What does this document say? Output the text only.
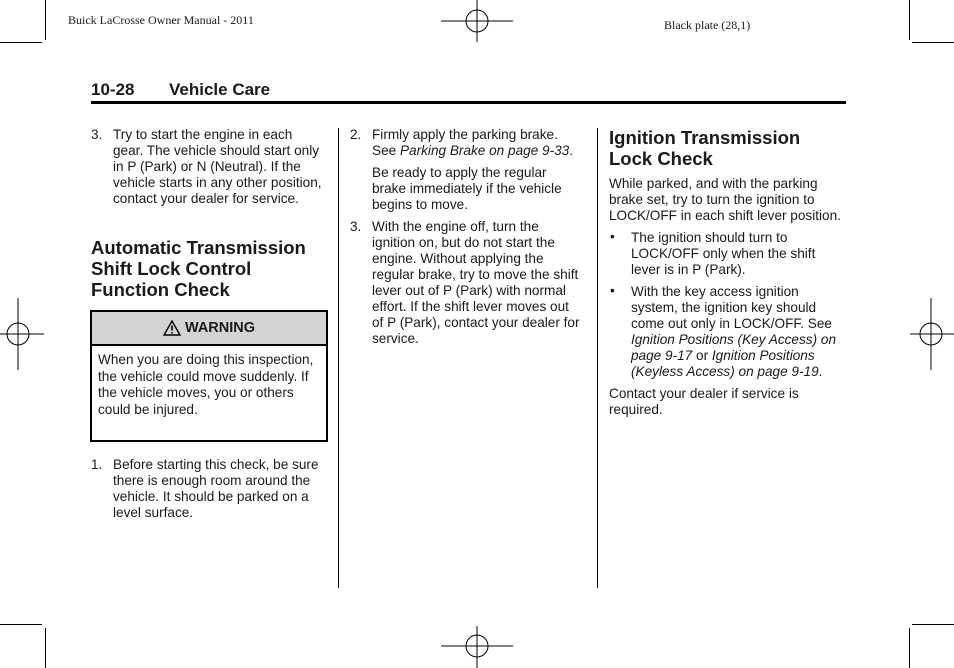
Buick LaCrosse Owner Manual - 2011	Black plate (28,1)
10-28 Vehicle Care
3. Try to start the engine in each gear. The vehicle should start only in P (Park) or N (Neutral). If the vehicle starts in any other position, contact your dealer for service.
Automatic Transmission Shift Lock Control Function Check
WARNING
When you are doing this inspection, the vehicle could move suddenly. If the vehicle moves, you or others could be injured.
1. Before starting this check, be sure there is enough room around the vehicle. It should be parked on a level surface.
2. Firmly apply the parking brake. See Parking Brake on page 9-33.
Be ready to apply the regular brake immediately if the vehicle begins to move.
3. With the engine off, turn the ignition on, but do not start the engine. Without applying the regular brake, try to move the shift lever out of P (Park) with normal effort. If the shift lever moves out of P (Park), contact your dealer for service.
Ignition Transmission Lock Check
While parked, and with the parking brake set, try to turn the ignition to LOCK/OFF in each shift lever position.
• The ignition should turn to LOCK/OFF only when the shift lever is in P (Park).
• With the key access ignition system, the ignition key should come out only in LOCK/OFF. See Ignition Positions (Key Access) on page 9-17 or Ignition Positions (Keyless Access) on page 9-19.
Contact your dealer if service is required.
